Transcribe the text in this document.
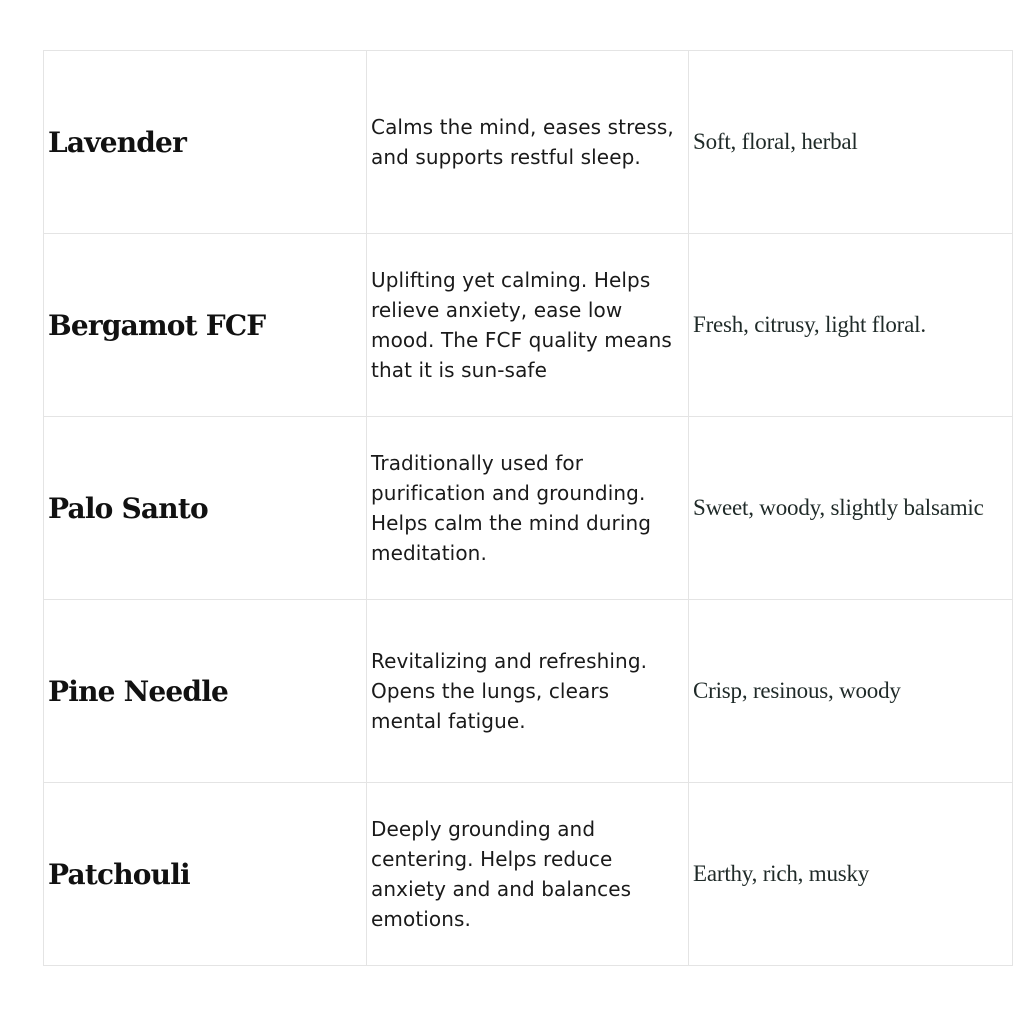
Lavender	Calms the mind, eases stress, and supports restful sleep.	Soft, floral, herbal

Bergamot FCF	Uplifting yet calming. Helps relieve anxiety, ease low mood. The FCF quality means that it is sun-safe	Fresh, citrusy, light floral.

Palo Santo	Traditionally used for purification and grounding. Helps calm the mind during meditation.	Sweet, woody, slightly balsamic

Pine Needle	Revitalizing and refreshing. Opens the lungs, clears mental fatigue.	Crisp, resinous, woody

Patchouli	Deeply grounding and centering. Helps reduce anxiety and and balances emotions.	Earthy, rich, musky
